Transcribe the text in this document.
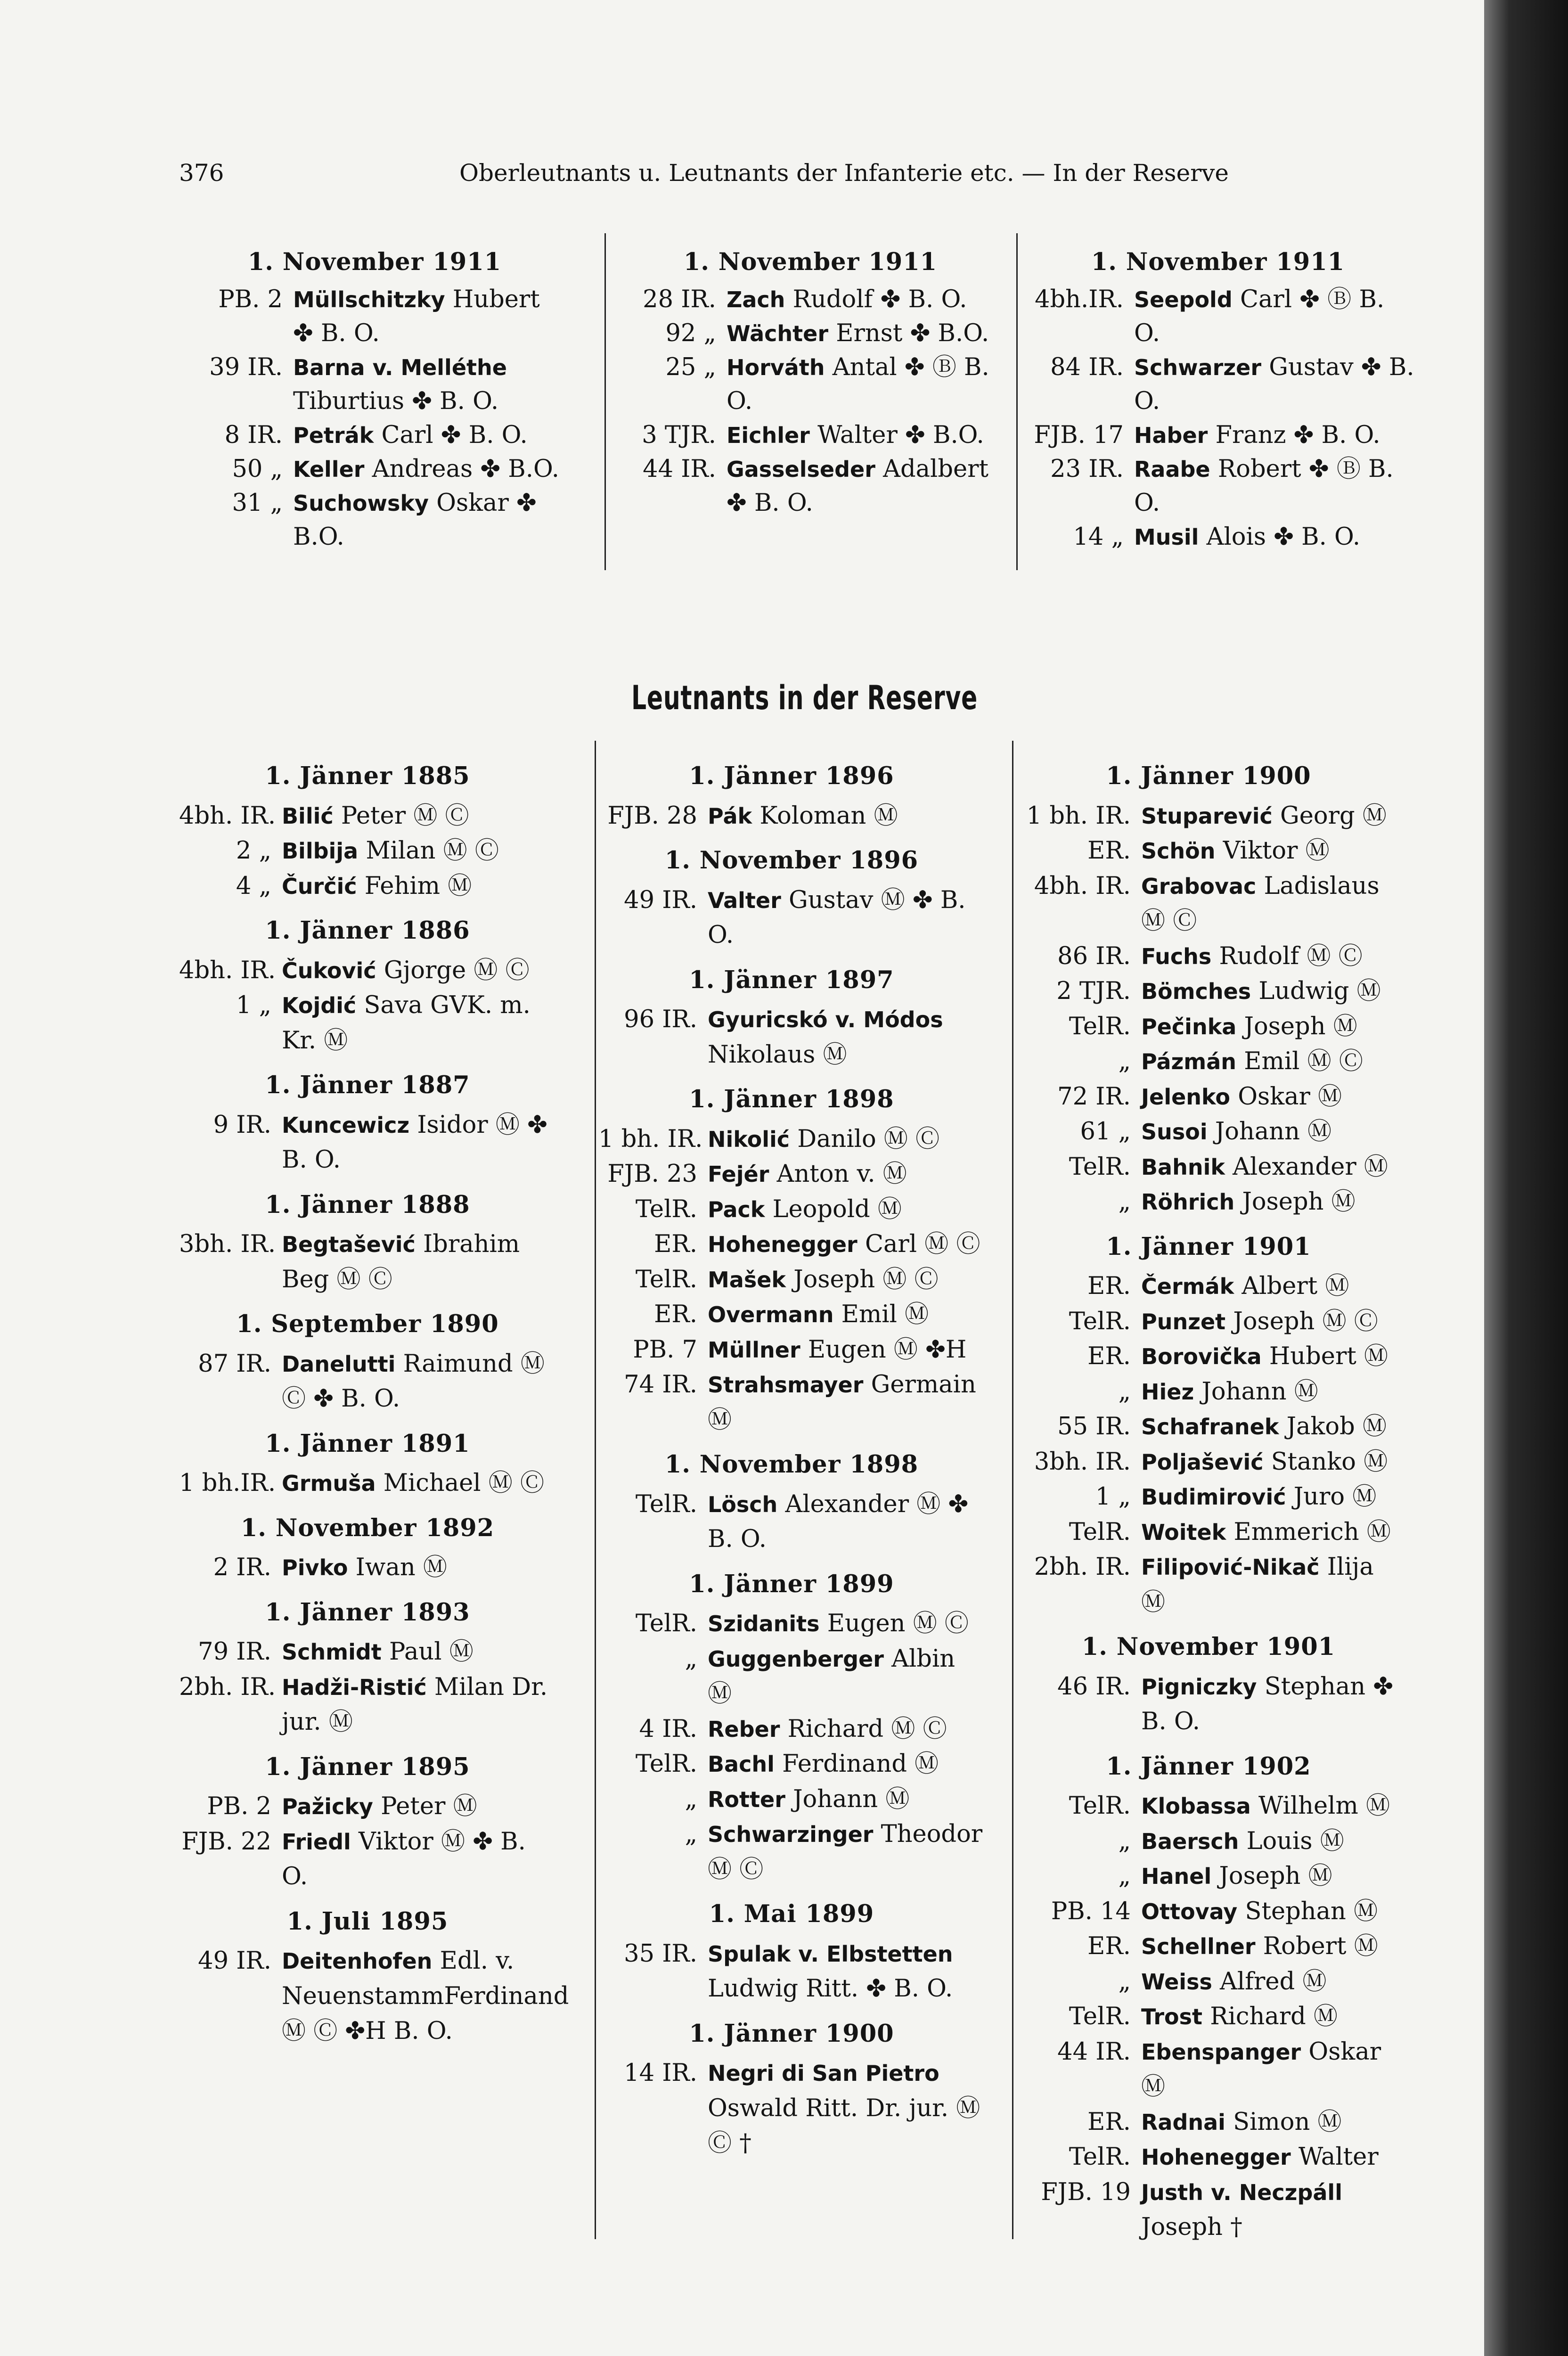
376	Oberleutnants u. Leutnants der Infanterie etc. — In der Reserve
1. November 1911
PB. 2 Müllschitzky Hubert ✤ B. O.
39 IR. Barna v. Melléthe Tiburtius ✤ B. O.
8 IR. Petrák Carl ✤ B. O.
50 „ Keller Andreas ✤ B.O.
31 „ Suchowsky Oskar ✤ B.O.
1. November 1911
28 IR. Zach Rudolf ✤ B. O.
92 „ Wächter Ernst ✤ B.O.
25 „ Horváth Antal ✤ Ⓑ B. O.
3 TJR. Eichler Walter ✤ B.O.
44 IR. Gasselseder Adalbert ✤ B. O.
1. November 1911
4bh.IR. Seepold Carl ✤ Ⓑ B. O.
84 IR. Schwarzer Gustav ✤ B. O.
FJB. 17 Haber Franz ✤ B. O.
23 IR. Raabe Robert ✤ Ⓑ B. O.
14 „ Musil Alois ✤ B. O.
Leutnants in der Reserve
1. Jänner 1885
4bh. IR. Bilić Peter Ⓜ Ⓒ
2 „ Bilbija Milan Ⓜ Ⓒ
4 „ Čurčić Fehim Ⓜ
1. Jänner 1886
4bh. IR. Čuković Gjorge Ⓜ Ⓒ
1 „ Kojdić Sava GVK. m. Kr. Ⓜ
1. Jänner 1887
9 IR. Kuncewicz Isidor Ⓜ ✤ B. O.
1. Jänner 1888
3bh. IR. Begtašević Ibrahim Beg Ⓜ Ⓒ
1. September 1890
87 IR. Danelutti Raimund Ⓜ Ⓒ ✤ B. O.
1. Jänner 1891
1 bh.IR. Grmuša Michael Ⓜ Ⓒ
1. November 1892
2 IR. Pivko Iwan Ⓜ
1. Jänner 1893
79 IR. Schmidt Paul Ⓜ
2bh. IR. Hadži-Ristić Milan Dr. jur. Ⓜ
1. Jänner 1895
PB. 2 Pažicky Peter Ⓜ
FJB. 22 Friedl Viktor Ⓜ ✤ B. O.
1. Juli 1895
49 IR. Deitenhofen Edl. v. NeuenstammFerdinand Ⓜ Ⓒ ✤H B. O.
1. Jänner 1896
FJB. 28 Pák Koloman Ⓜ
1. November 1896
49 IR. Valter Gustav Ⓜ ✤ B. O.
1. Jänner 1897
96 IR. Gyuricskó v. Módos Nikolaus Ⓜ
1. Jänner 1898
1 bh. IR. Nikolić Danilo Ⓜ Ⓒ
FJB. 23 Fejér Anton v. Ⓜ
TelR. Pack Leopold Ⓜ
ER. Hohenegger Carl Ⓜ Ⓒ
TelR. Mašek Joseph Ⓜ Ⓒ
ER. Overmann Emil Ⓜ
PB. 7 Müllner Eugen Ⓜ ✤H
74 IR. Strahsmayer Germain Ⓜ
1. November 1898
TelR. Lösch Alexander Ⓜ ✤ B. O.
1. Jänner 1899
TelR. Szidanits Eugen Ⓜ Ⓒ
„ Guggenberger Albin Ⓜ
4 IR. Reber Richard Ⓜ Ⓒ
TelR. Bachl Ferdinand Ⓜ
„ Rotter Johann Ⓜ
„ Schwarzinger Theodor Ⓜ Ⓒ
1. Mai 1899
35 IR. Spulak v. Elbstetten Ludwig Ritt. ✤ B. O.
1. Jänner 1900
14 IR. Negri di San Pietro Oswald Ritt. Dr. jur. Ⓜ Ⓒ †
1. Jänner 1900
1 bh. IR. Stuparević Georg Ⓜ
ER. Schön Viktor Ⓜ
4bh. IR. Grabovac Ladislaus Ⓜ Ⓒ
86 IR. Fuchs Rudolf Ⓜ Ⓒ
2 TJR. Bömches Ludwig Ⓜ
TelR. Pečinka Joseph Ⓜ
„ Pázmán Emil Ⓜ Ⓒ
72 IR. Jelenko Oskar Ⓜ
61 „ Susoi Johann Ⓜ
TelR. Bahnik Alexander Ⓜ
„ Röhrich Joseph Ⓜ
1. Jänner 1901
ER. Čermák Albert Ⓜ
TelR. Punzet Joseph Ⓜ Ⓒ
ER. Borovička Hubert Ⓜ
„ Hiez Johann Ⓜ
55 IR. Schafranek Jakob Ⓜ
3bh. IR. Poljašević Stanko Ⓜ
1 „ Budimirović Juro Ⓜ
TelR. Woitek Emmerich Ⓜ
2bh. IR. Filipović-Nikač Ilija Ⓜ
1. November 1901
46 IR. Pigniczky Stephan ✤ B. O.
1. Jänner 1902
TelR. Klobassa Wilhelm Ⓜ
„ Baersch Louis Ⓜ
„ Hanel Joseph Ⓜ
PB. 14 Ottovay Stephan Ⓜ
ER. Schellner Robert Ⓜ
„ Weiss Alfred Ⓜ
TelR. Trost Richard Ⓜ
44 IR. Ebenspanger Oskar Ⓜ
ER. Radnai Simon Ⓜ
TelR. Hohenegger Walter
FJB. 19 Justh v. Neczpáll Joseph †
